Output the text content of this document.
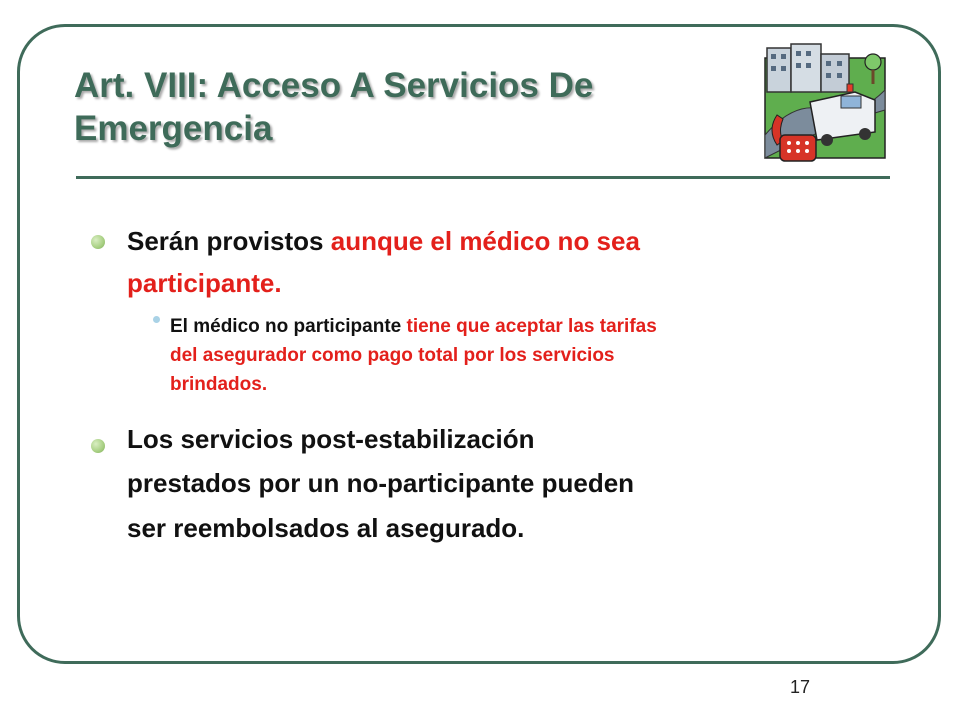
Art. VIII: Acceso A Servicios De
Emergencia
Serán provistos aunque el médico no sea
participante.
El médico no participante tiene que aceptar las tarifas
del asegurador como pago total por los servicios
brindados.
Los servicios post-estabilización
prestados por un no-participante pueden
ser reembolsados al asegurado.
17
